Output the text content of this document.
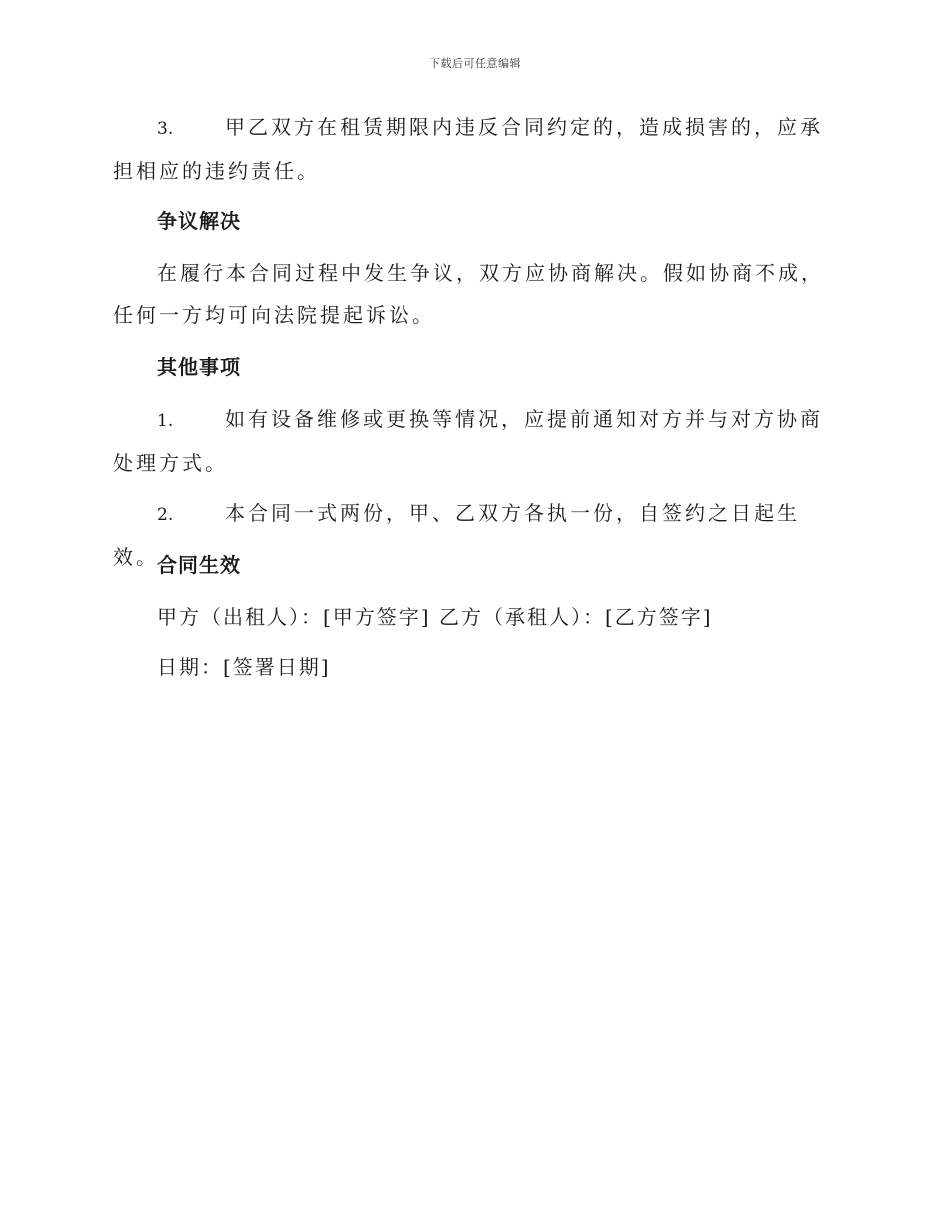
下载后可任意编辑

3.	甲乙双方在租赁期限内违反合同约定的，造成损害的，应承担相应的违约责任。

争议解决

在履行本合同过程中发生争议，双方应协商解决。假如协商不成，任何一方均可向法院提起诉讼。

其他事项

1.	如有设备维修或更换等情况，应提前通知对方并与对方协商处理方式。

2.	本合同一式两份，甲、乙双方各执一份，自签约之日起生效。

合同生效

甲方（出租人）：[甲方签字] 乙方（承租人）：[乙方签字]

日期：[签署日期]
